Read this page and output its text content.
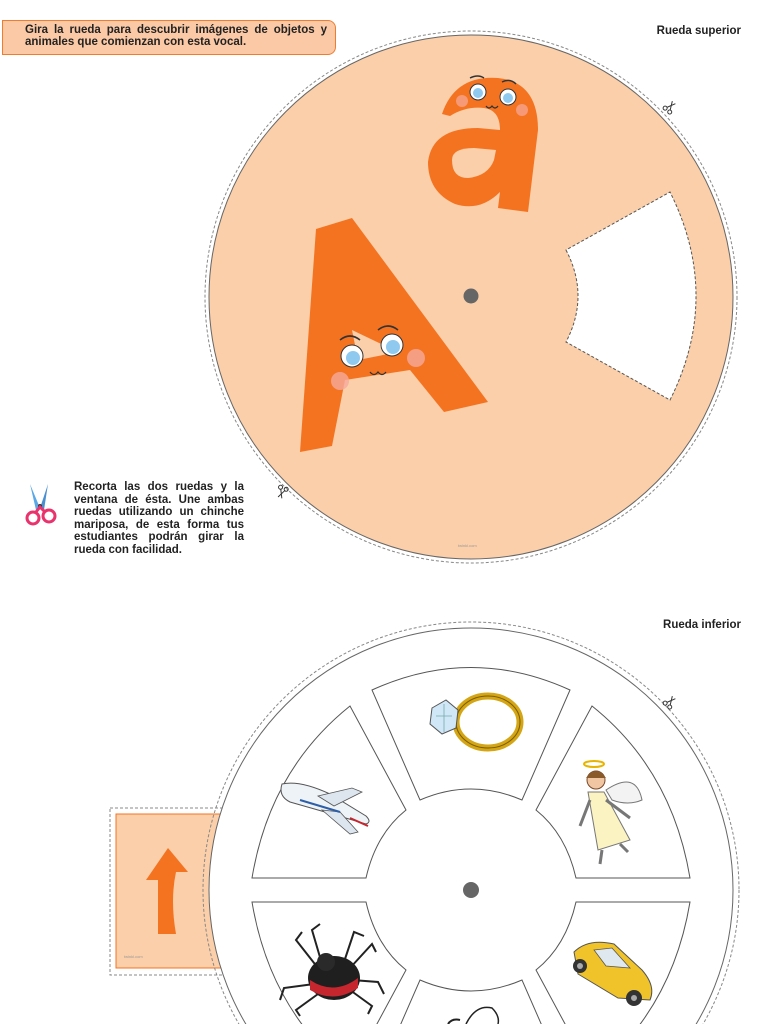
Gira la rueda para descubrir imágenes de objetos y animales que comienzan con esta vocal.
Rueda superior
Rueda inferior
Recorta las dos ruedas y la ventana de ésta. Une ambas ruedas utilizando un chinche mariposa, de esta forma tus estudiantes podrán girar la rueda con facilidad.	twinkl.com
twinkl.com
